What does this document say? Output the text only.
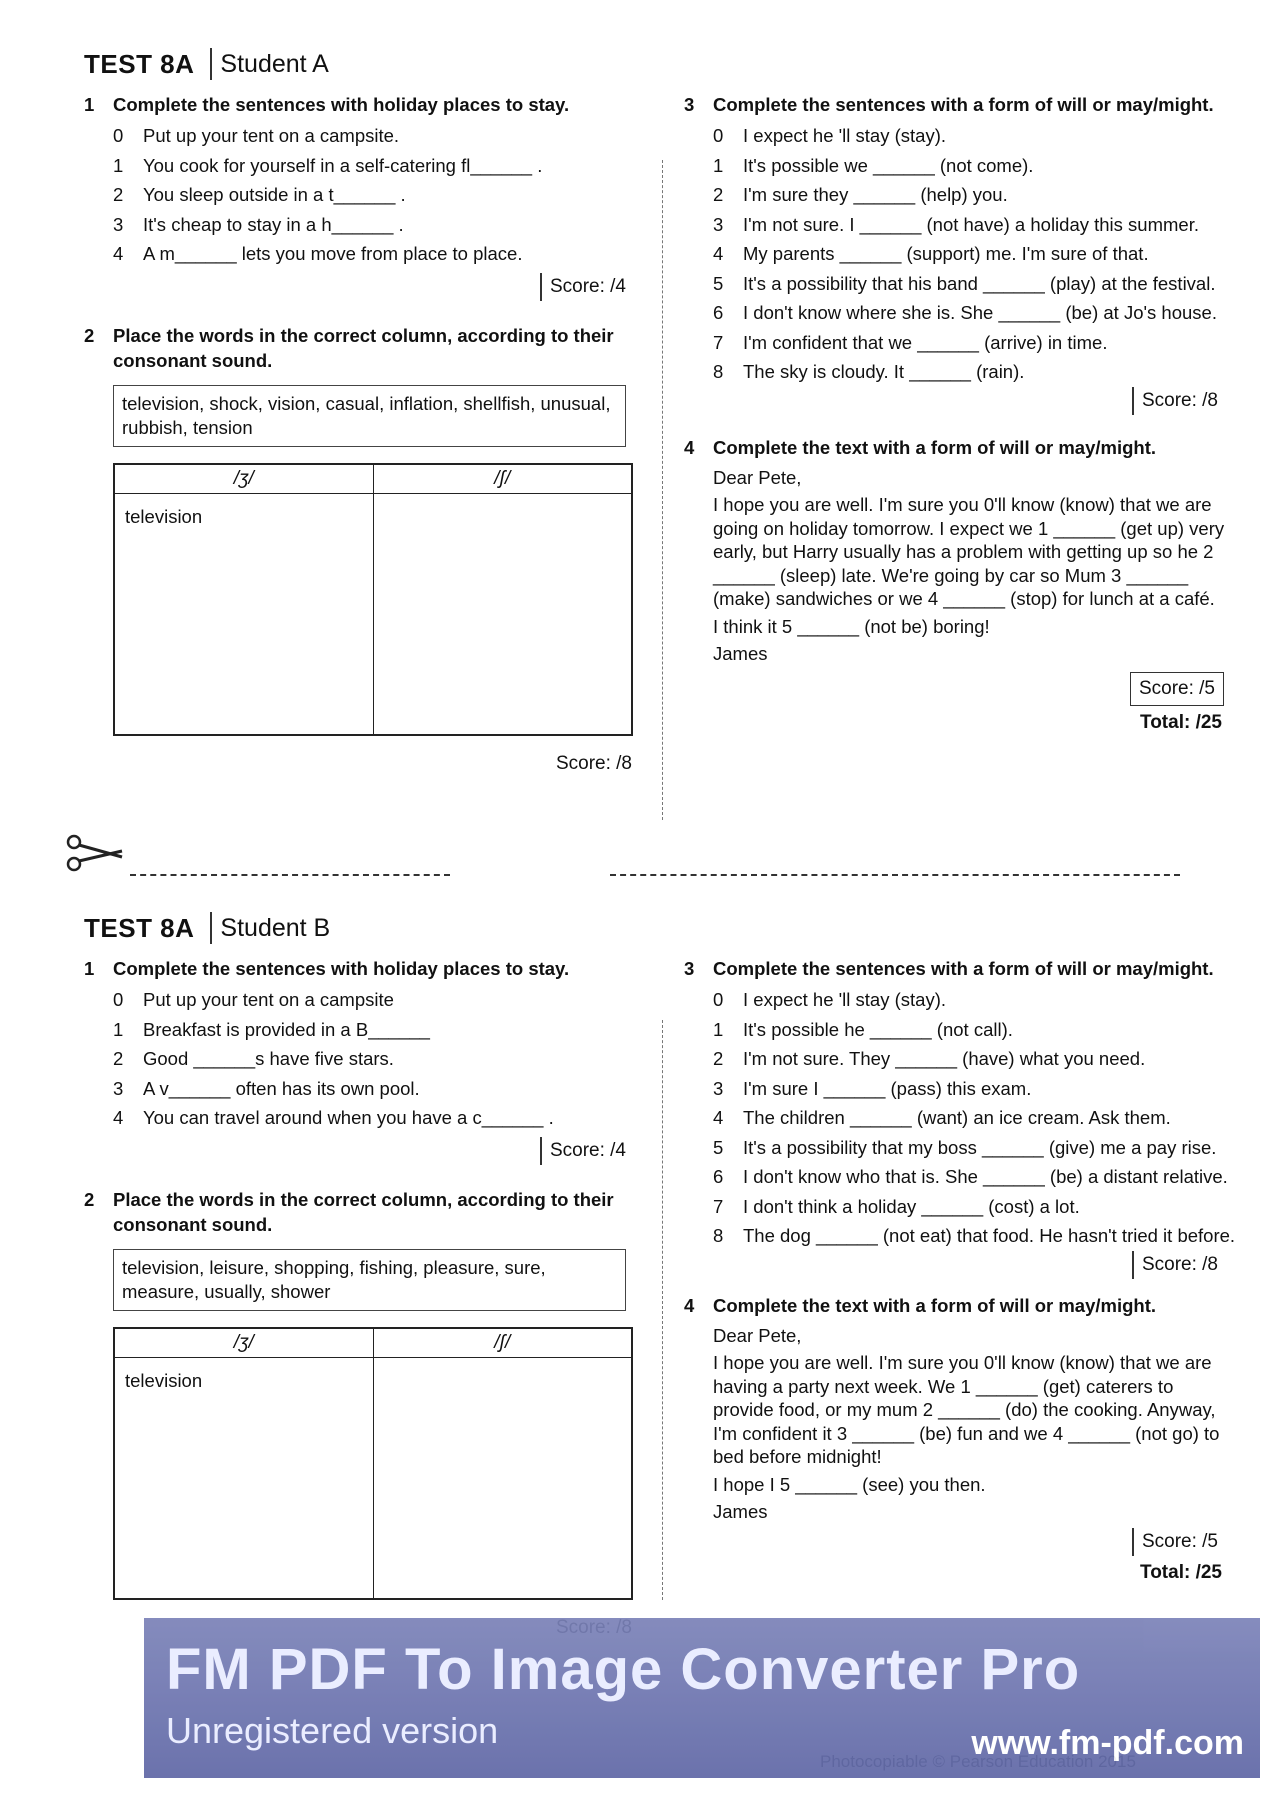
TEST 8A	Student A
1	Complete the sentences with holiday places to stay.
0	Put up your tent on a campsite.
1	You cook for yourself in a self-catering fl______ .
2	You sleep outside in a t______ .
3	It's cheap to stay in a h______ .
4	A m______ lets you move from place to place.
Score: /4
2	Place the words in the correct column, according to their consonant sound.
television, shock, vision, casual, inflation, shellfish, unusual, rubbish, tension
/ʒ/	/ʃ/
television	
Score: /8
3	Complete the sentences with a form of will or may/might.
0	I expect he 'll stay (stay).
1	It's possible we ______ (not come).
2	I'm sure they ______ (help) you.
3	I'm not sure. I ______ (not have) a holiday this summer.
4	My parents ______ (support) me. I'm sure of that.
5	It's a possibility that his band ______ (play) at the festival.
6	I don't know where she is. She ______ (be) at Jo's house.
7	I'm confident that we ______ (arrive) in time.
8	The sky is cloudy. It ______ (rain).
Score: /8
4	Complete the text with a form of will or may/might.

Dear Pete,

I hope you are well. I'm sure you 0'll know (know) that we are going on holiday tomorrow. I expect we 1 ______ (get up) very early, but Harry usually has a problem with getting up so he 2 ______ (sleep) late. We're going by car so Mum 3 ______ (make) sandwiches or we 4 ______ (stop) for lunch at a café.

I think it 5 ______ (not be) boring!

James

Score: /5
Total: /25
TEST 8A	Student B
1	Complete the sentences with holiday places to stay.
0	Put up your tent on a campsite
1	Breakfast is provided in a B______
2	Good ______s have five stars.
3	A v______ often has its own pool.
4	You can travel around when you have a c______ .
Score: /4
2	Place the words in the correct column, according to their consonant sound.
television, leisure, shopping, fishing, pleasure, sure, measure, usually, shower
/ʒ/	/ʃ/
television	
3	Complete the sentences with a form of will or may/might.
0	I expect he 'll stay (stay).
1	It's possible he ______ (not call).
2	I'm not sure. They ______ (have) what you need.
3	I'm sure I ______ (pass) this exam.
4	The children ______ (want) an ice cream. Ask them.
5	It's a possibility that my boss ______ (give) me a pay rise.
6	I don't know who that is. She ______ (be) a distant relative.
7	I don't think a holiday ______ (cost) a lot.
8	The dog ______ (not eat) that food. He hasn't tried it before.
Score: /8
4	Complete the text with a form of will or may/might.

Dear Pete,

I hope you are well. I'm sure you 0'll know (know) that we are having a party next week. We 1 ______ (get) caterers to provide food, or my mum 2 ______ (do) the cooking. Anyway, I'm confident it 3 ______ (be) fun and we 4 ______ (not go) to bed before midnight!

I hope I 5 ______ (see) you then.

James

Score: /5
Total: /25
FM PDF To Image Converter Pro
Unregistered version	www.fm-pdf.com
